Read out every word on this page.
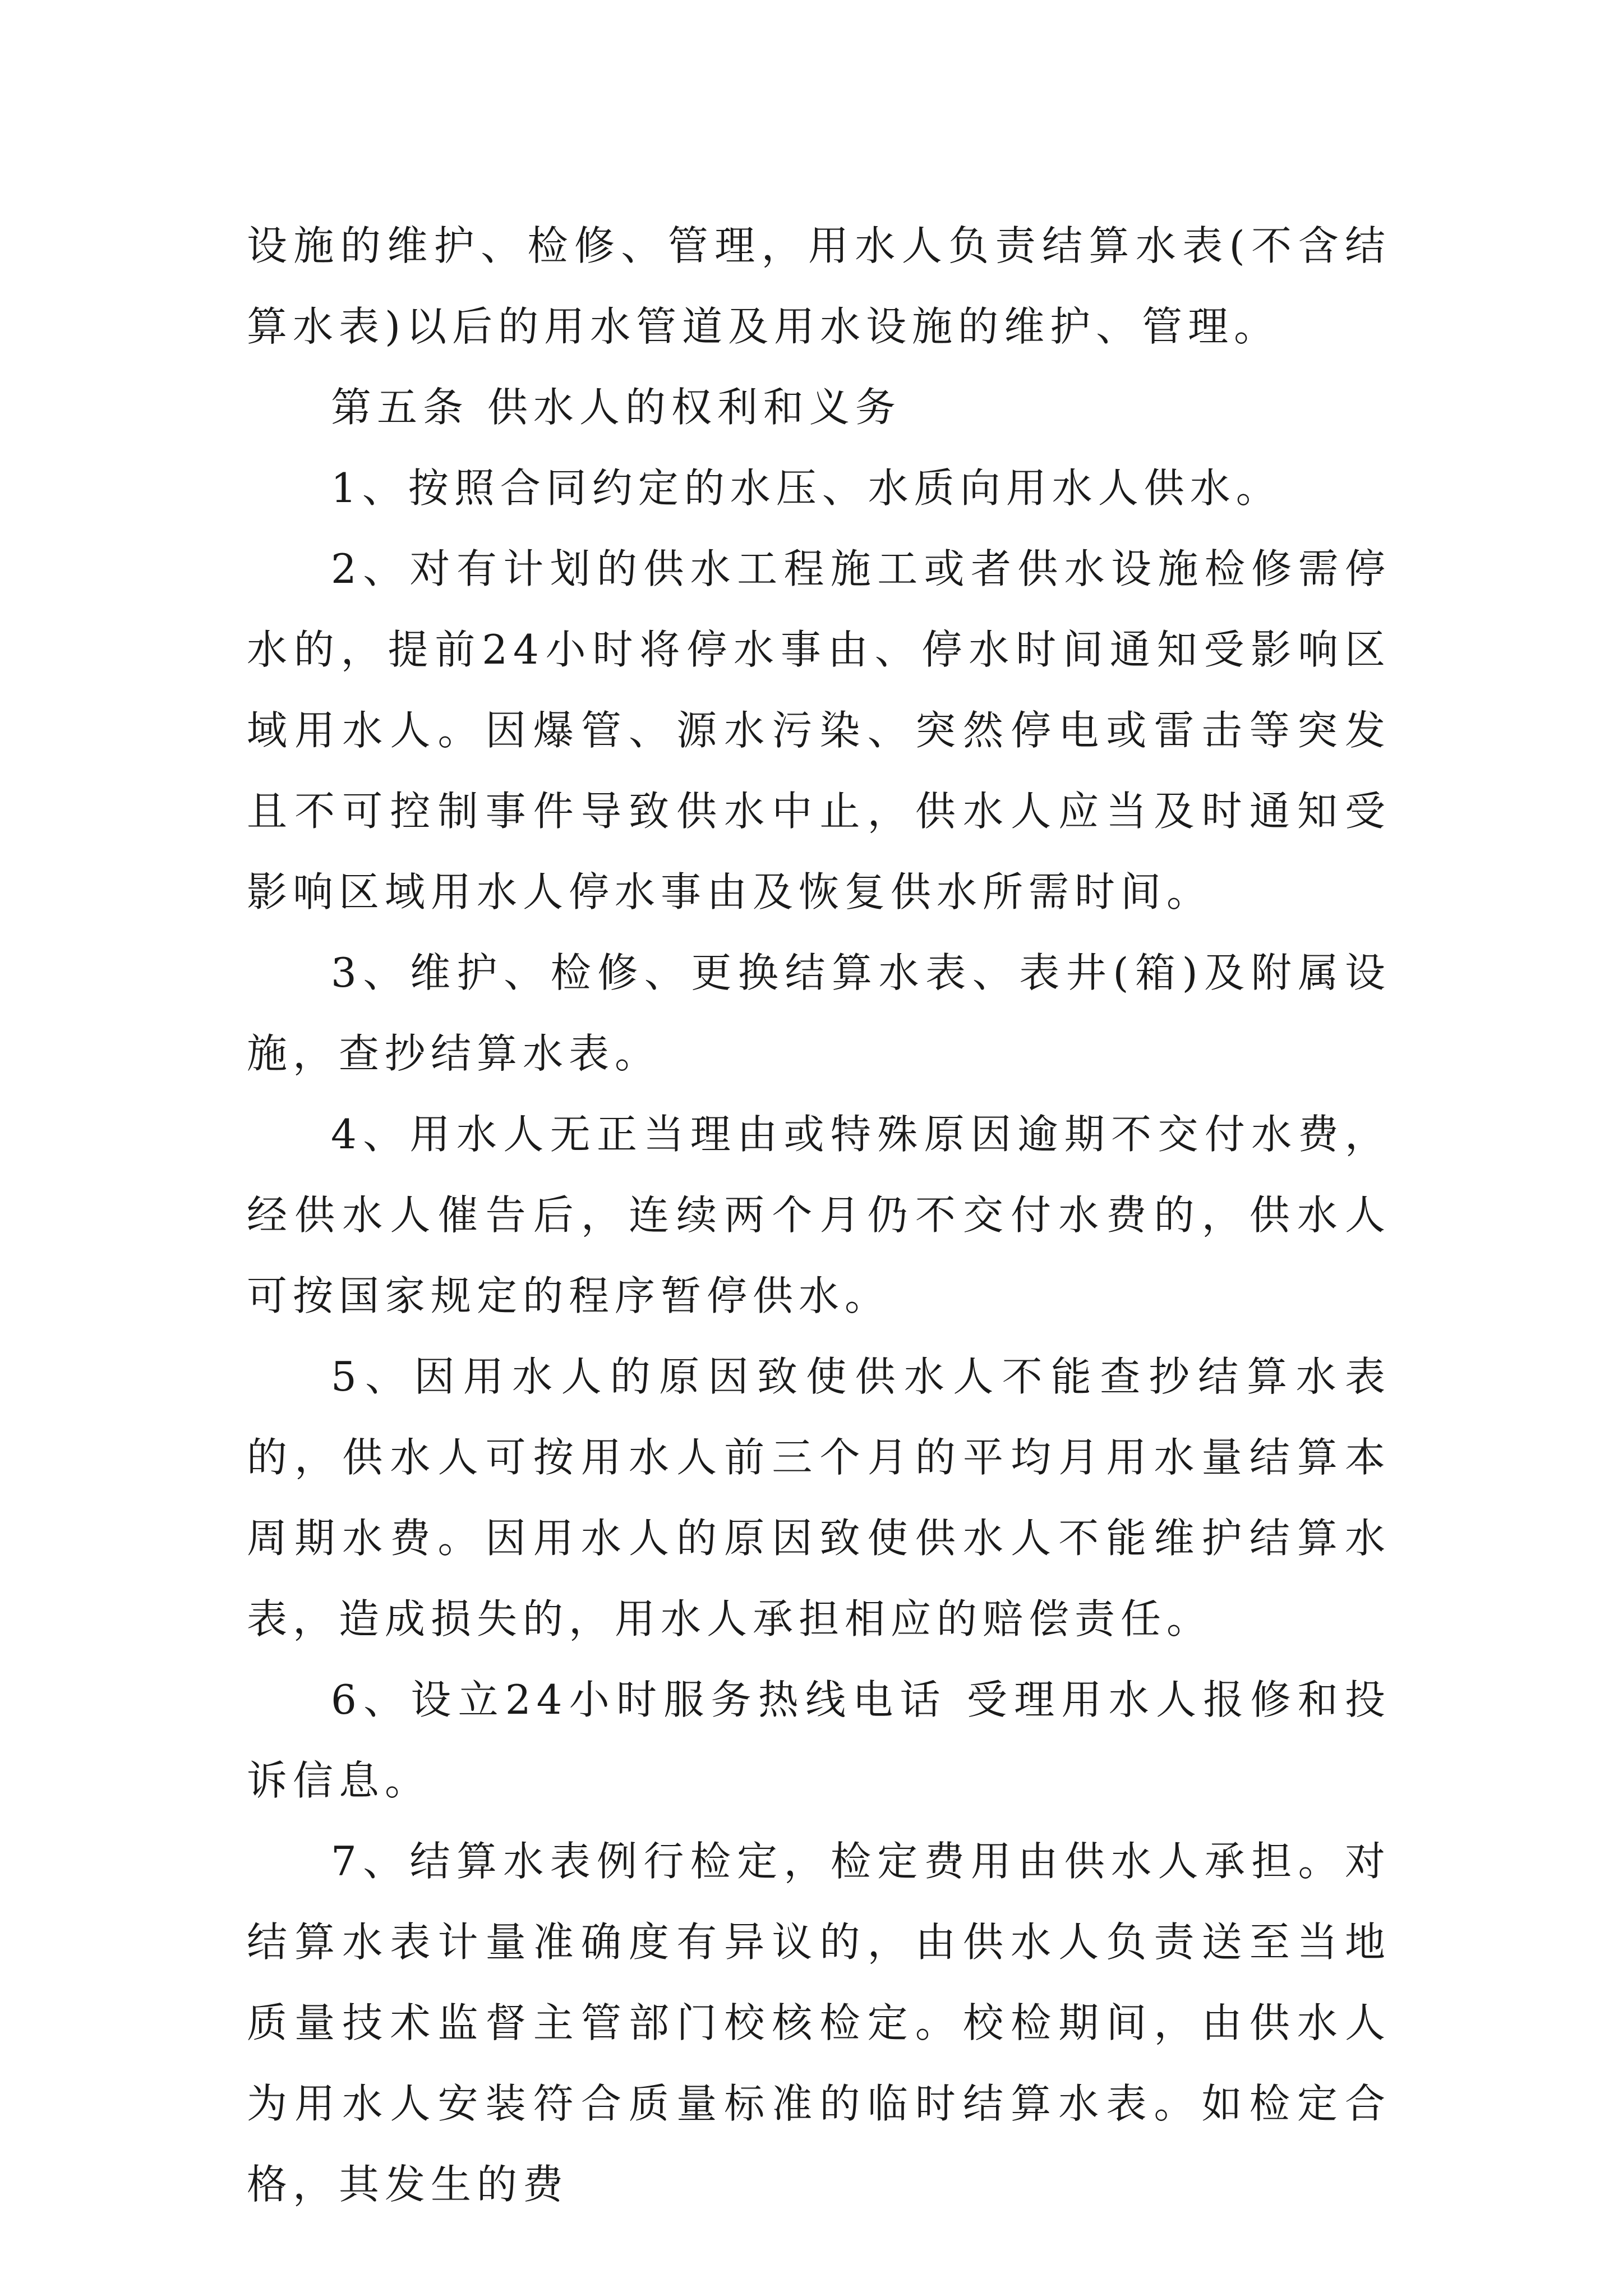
设施的维护、检修、管理，用水人负责结算水表(不含结算水表)以后的用水管道及用水设施的维护、管理。

第五条 供水人的权利和义务

1、按照合同约定的水压、水质向用水人供水。

2、对有计划的供水工程施工或者供水设施检修需停水的，提前24小时将停水事由、停水时间通知受影响区域用水人。因爆管、源水污染、突然停电或雷击等突发且不可控制事件导致供水中止，供水人应当及时通知受影响区域用水人停水事由及恢复供水所需时间。

3、维护、检修、更换结算水表、表井(箱)及附属设施，查抄结算水表。

4、用水人无正当理由或特殊原因逾期不交付水费，经供水人催告后，连续两个月仍不交付水费的，供水人可按国家规定的程序暂停供水。

5、因用水人的原因致使供水人不能查抄结算水表的，供水人可按用水人前三个月的平均月用水量结算本周期水费。因用水人的原因致使供水人不能维护结算水表，造成损失的，用水人承担相应的赔偿责任。

6、设立24小时服务热线电话 受理用水人报修和投诉信息。

7、结算水表例行检定，检定费用由供水人承担。对结算水表计量准确度有异议的，由供水人负责送至当地质量技术监督主管部门校核检定。校检期间，由供水人为用水人安装符合质量标准的临时结算水表。如检定合格，其发生的费
